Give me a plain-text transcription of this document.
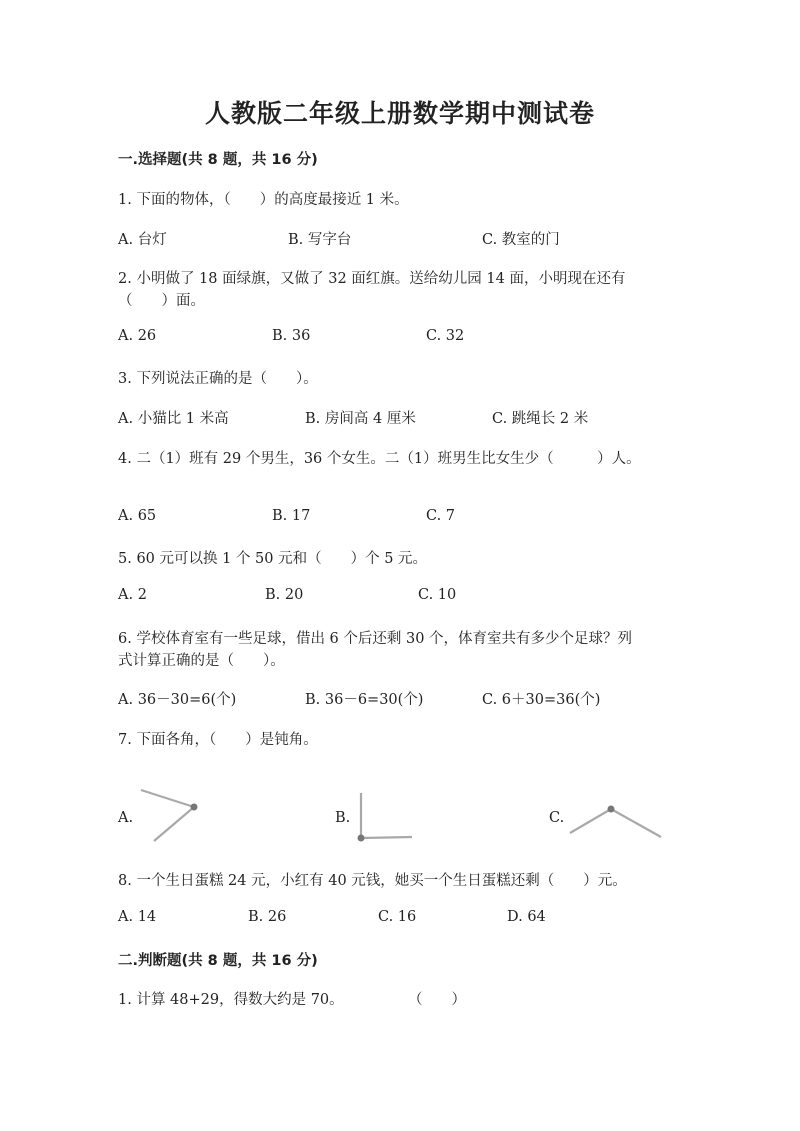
人教版二年级上册数学期中测试卷
一.选择题(共 8 题，共 16 分)
1. 下面的物体，（　　）的高度最接近 1 米。
A. 台灯	B. 写字台	C. 教室的门
2. 小明做了 18 面绿旗，又做了 32 面红旗。送给幼儿园 14 面，小明现在还有
（　　）面。
A. 26	B. 36	C. 32
3. 下列说法正确的是（　　）。
A. 小猫比 1 米高	B. 房间高 4 厘米	C. 跳绳长 2 米
4. 二（1）班有 29 个男生，36 个女生。二（1）班男生比女生少（　　　）人。
A. 65	B. 17	C. 7
5. 60 元可以换 1 个 50 元和（　　）个 5 元。
A. 2	B. 20	C. 10
6. 学校体育室有一些足球，借出 6 个后还剩 30 个，体育室共有多少个足球？列
式计算正确的是（　　）。
A. 36－30=6(个)	B. 36－6=30(个)	C. 6＋30=36(个)
7. 下面各角，（　　）是钝角。
A.	B.	C.
8. 一个生日蛋糕 24 元，小红有 40 元钱，她买一个生日蛋糕还剩（　　）元。
A. 14	B. 26	C. 16	D. 64
二.判断题(共 8 题，共 16 分)
1. 计算 48+29，得数大约是 70。	（　　）
